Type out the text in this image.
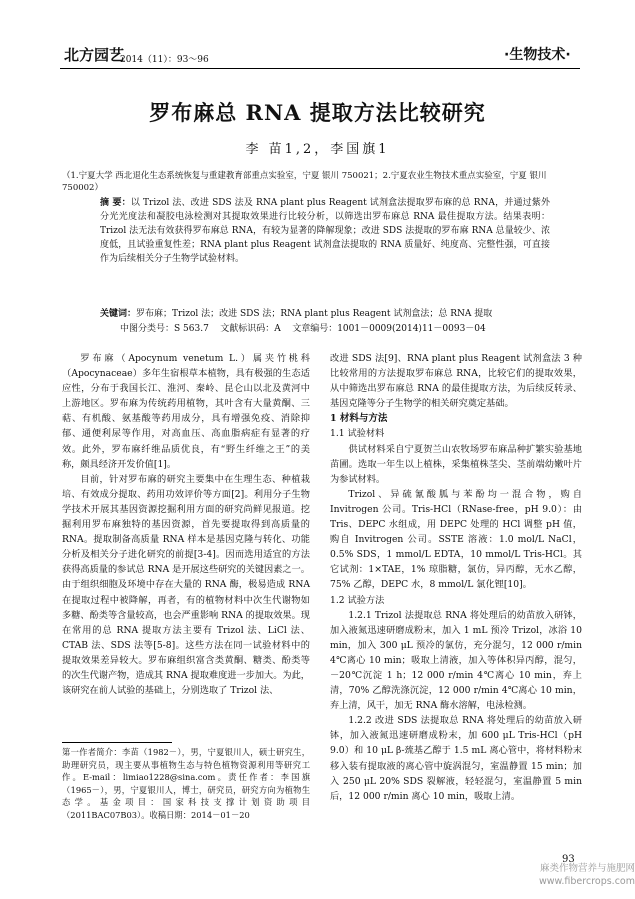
北方园艺
2014（11）：93～96	·生物技术·
罗布麻总 RNA 提取方法比较研究
李 苗1,2，李国旗1
（1.宁夏大学 西北退化生态系统恢复与重建教育部重点实验室，宁夏 银川 750021；2.宁夏农业生物技术重点实验室，宁夏 银川 750002）
摘 要：以 Trizol 法、改进 SDS 法及 RNA plant plus Reagent 试剂盒法提取罗布麻的总 RNA，并通过紫外分光光度法和凝胶电泳检测对其提取效果进行比较分析，以筛选出罗布麻总 RNA 最佳提取方法。结果表明：Trizol 法无法有效获得罗布麻总 RNA，有较为显著的降解现象；改进 SDS 法提取的罗布麻 RNA 总量较少、浓度低，且试验重复性差；RNA plant plus Reagent 试剂盒法提取的 RNA 质量好、纯度高、完整性强，可直接作为后续相关分子生物学试验材料。
关键词：罗布麻；Trizol 法；改进 SDS 法；RNA plant plus Reagent 试剂盒法；总 RNA 提取
中图分类号：S 563.7 文献标识码：A 文章编号：1001－0009(2014)11－0093－04

罗布麻（Apocynum venetum L.）属夹竹桃科（Apocynaceae）多年生宿根草本植物，具有极强的生态适应性，分布于我国长江、淮河、秦岭、昆仑山以北及黄河中上游地区。罗布麻为传统药用植物，其叶含有大量黄酮、三萜、有机酸、氨基酸等药用成分，具有增强免疫、消除抑郁、通便利尿等作用，对高血压、高血脂病症有显著的疗效。此外，罗布麻纤维品质优良，有“野生纤维之王”的美称，颇具经济开发价值[1]。

目前，针对罗布麻的研究主要集中在生理生态、种植栽培、有效成分提取、药用功效评价等方面[2]。利用分子生物学技术开展其基因资源挖掘利用方面的研究尚鲜见报道。挖掘利用罗布麻独特的基因资源，首先要提取得到高质量的 RNA。提取制备高质量 RNA 样本是基因克隆与转化、功能分析及相关分子进化研究的前提[3-4]。因而选用适宜的方法获得高质量的参试总 RNA 是开展这些研究的关键因素之一。由于组织细胞及环境中存在大量的 RNA 酶，极易造成 RNA 在提取过程中被降解，再者，有的植物材料中次生代谢物如多糖、酚类等含量较高，也会严重影响 RNA 的提取效果。现在常用的总 RNA 提取方法主要有 Trizol 法、LiCl 法、CTAB 法、SDS 法等[5-8]。这些方法在同一试验材料中的提取效果差异较大。罗布麻组织富含类黄酮、糖类、酚类等的次生代谢产物，造成其 RNA 提取难度进一步加大。为此，该研究在前人试验的基础上，分别选取了 Trizol 法、

改进 SDS 法[9]、RNA plant plus Reagent 试剂盒法 3 种比较常用的方法提取罗布麻总 RNA，比较它们的提取效果，从中筛选出罗布麻总 RNA 的最佳提取方法，为后续反转录、基因克隆等分子生物学的相关研究奠定基础。

1 材料与方法
1.1 试验材料

供试材料采自宁夏贺兰山农牧场罗布麻品种扩繁实验基地苗圃。选取一年生以上植株，采集植株茎尖、茎前端幼嫩叶片为参试材料。

Trizol、异硫氰酸胍与苯酚均一混合物，购自 Invitrogen 公司。Tris-HCl（RNase-free，pH 9.0）：由 Tris、DEPC 水组成，用 DEPC 处理的 HCl 调整 pH 值，购自 Invitrogen 公司。SSTE 溶液：1.0 mol/L NaCl，0.5% SDS，1 mmol/L EDTA，10 mmol/L Tris-HCl。其它试剂：1×TAE，1% 琼脂糖，氯仿，异丙醇，无水乙醇，75% 乙醇，DEPC 水，8 mmol/L 氯化锂[10]。

1.2 试验方法

1.2.1 Trizol 法提取总 RNA 将处理后的幼苗放入研钵，加入液氮迅速研磨成粉末，加入 1 mL 预冷 Trizol，冰浴 10 min，加入 300 μL 预冷的氯仿，充分混匀，12 000 r/min 4℃离心 10 min；吸取上清液，加入等体积异丙醇，混匀，－20℃沉淀 1 h；12 000 r/min 4℃离心 10 min，弃上清，70% 乙醇洗涤沉淀，12 000 r/min 4℃离心 10 min，弃上清，风干，加无 RNA 酶水溶解，电泳检测。

1.2.2 改进 SDS 法提取总 RNA 将处理后的幼苗放入研钵，加入液氮迅速研磨成粉末，加 600 μL Tris-HCl（pH 9.0）和 10 μL β-巯基乙醇于 1.5 mL 离心管中，将材料粉末移入装有提取液的离心管中旋涡混匀，室温静置 15 min；加入 250 μL 20% SDS 裂解液，轻轻混匀，室温静置 5 min 后，12 000 r/min 离心 10 min，吸取上清。

第一作者简介：李苗（1982－），男，宁夏银川人，硕士研究生，助理研究员，现主要从事植物生态与特色植物资源利用等研究工作。E-mail：limiao1228@sina.com。责任作者：李国旗（1965－），男，宁夏银川人，博士，研究员，研究方向为植物生态学。基金项目：国家科技支撑计划资助项目（2011BAC07B03）。收稿日期：2014－01－20
93
麻类作物营养与施肥网 www.fibercrops.com
